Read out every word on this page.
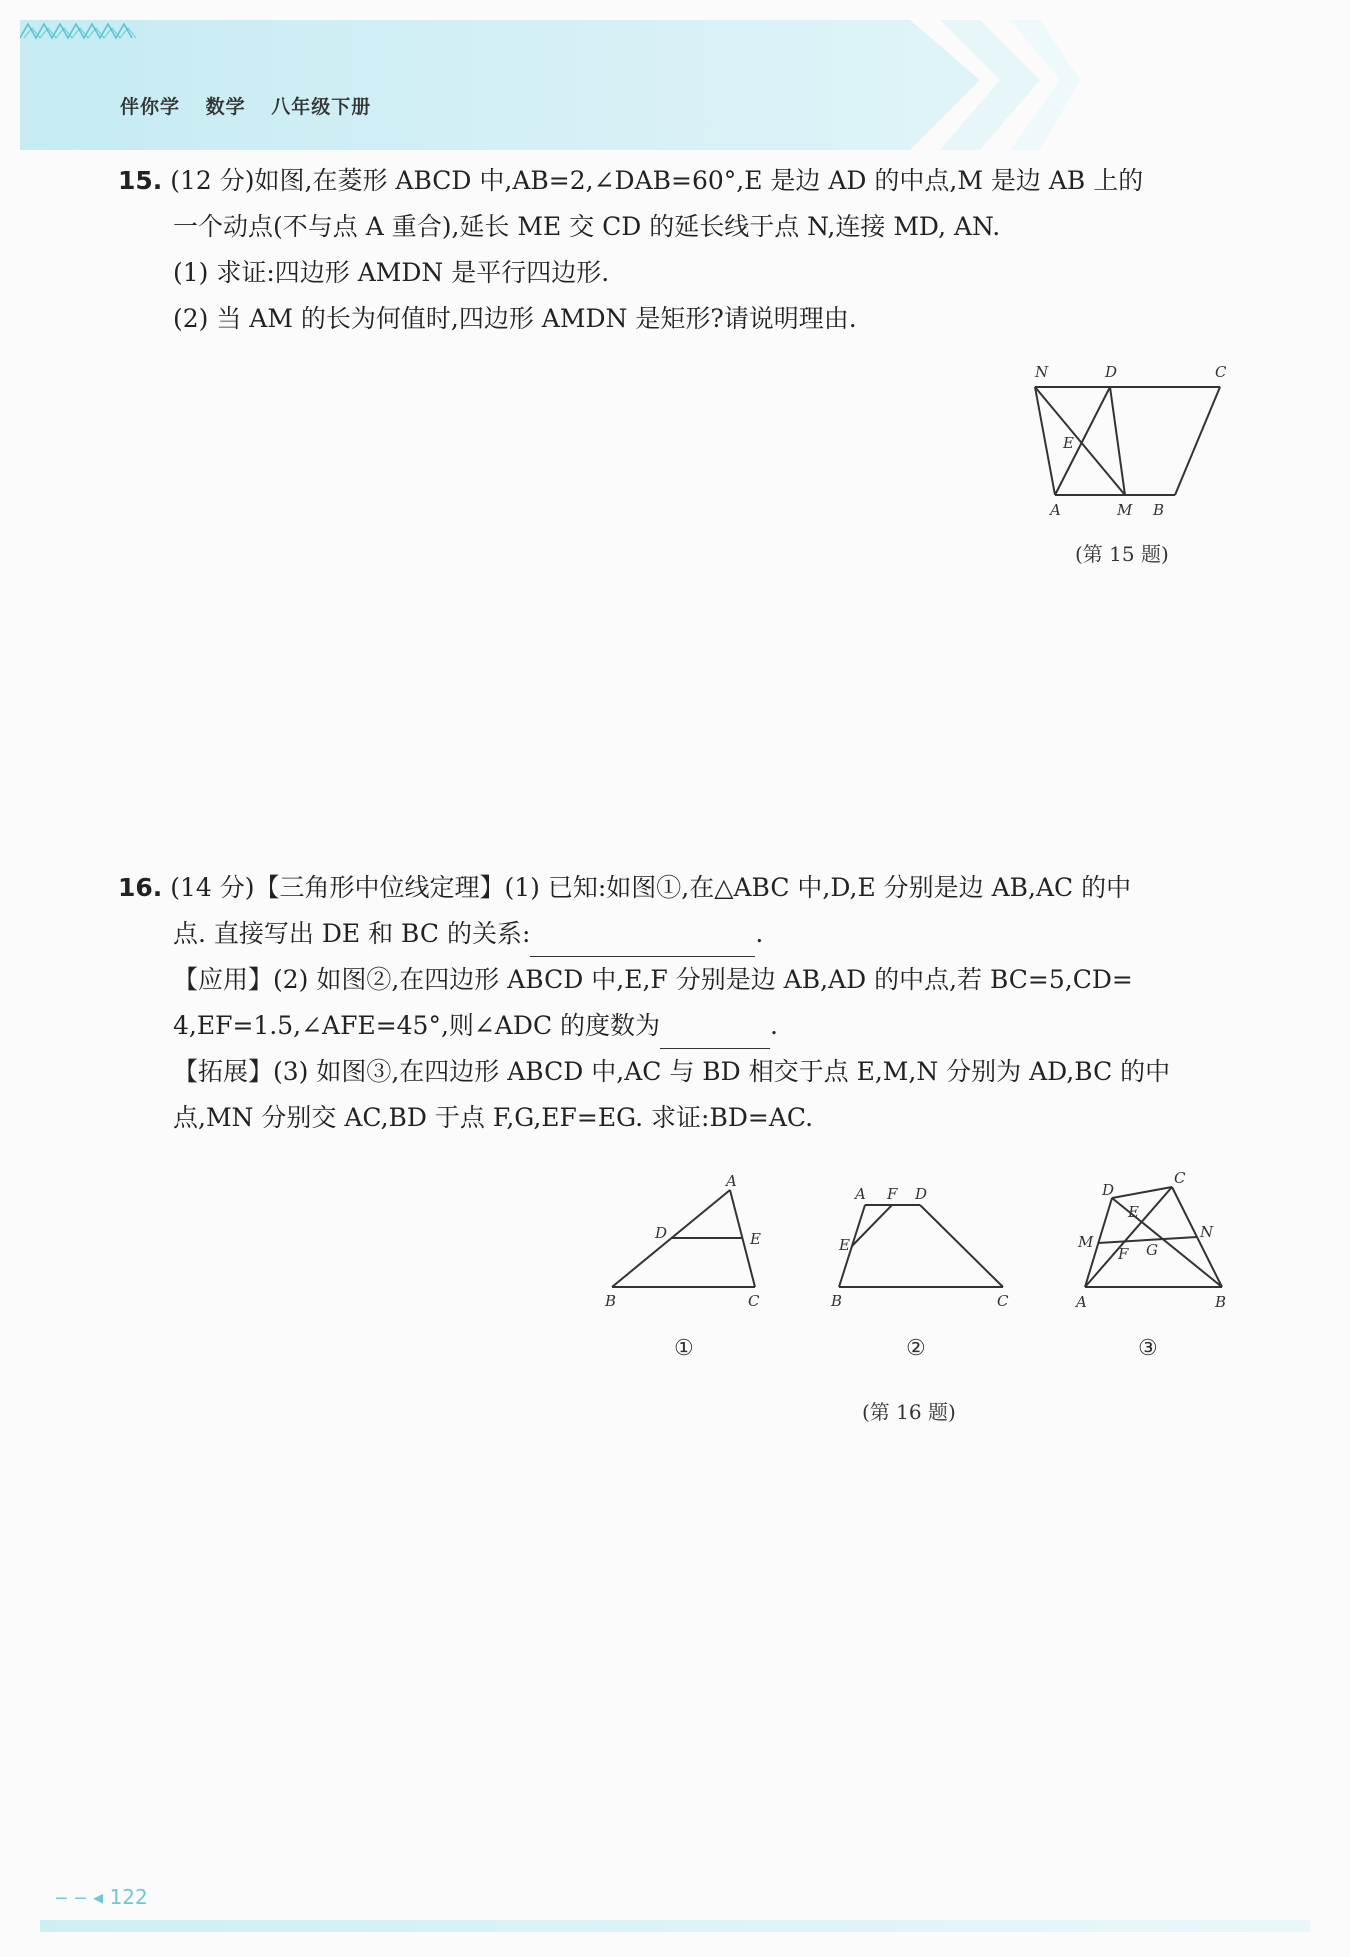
伴你学 数学 八年级下册

15. (12 分)如图,在菱形 ABCD 中,AB=2,∠DAB=60°,E 是边 AD 的中点,M 是边 AB 上的

一个动点(不与点 A 重合),延长 ME 交 CD 的延长线于点 N,连接 MD, AN.

(1) 求证:四边形 AMDN 是平行四边形.

(2) 当 AM 的长为何值时,四边形 AMDN 是矩形?请说明理由.

N	D	C
E
A	M B
(第 15 题)

16. (14 分)【三角形中位线定理】(1) 已知:如图①,在△ABC 中,D,E 分别是边 AB,AC 的中

点. 直接写出 DE 和 BC 的关系:	.

【应用】(2) 如图②,在四边形 ABCD 中,E,F 分别是边 AB,AD 的中点,若 BC=5,CD=

4,EF=1.5,∠AFE=45°,则∠ADC 的度数为	.

【拓展】(3) 如图③,在四边形 ABCD 中,AC 与 BD 相交于点 E,M,N 分别为 AD,BC 的中

点,MN 分别交 AC,BD 于点 F,G,EF=EG. 求证:BD=AC.

A
D	E
B	C
A F D
E
B	C
D
C
E
M
F G
N
A	B
①	②	③
(第 16 题)
‒ ‒ ◂ 122
